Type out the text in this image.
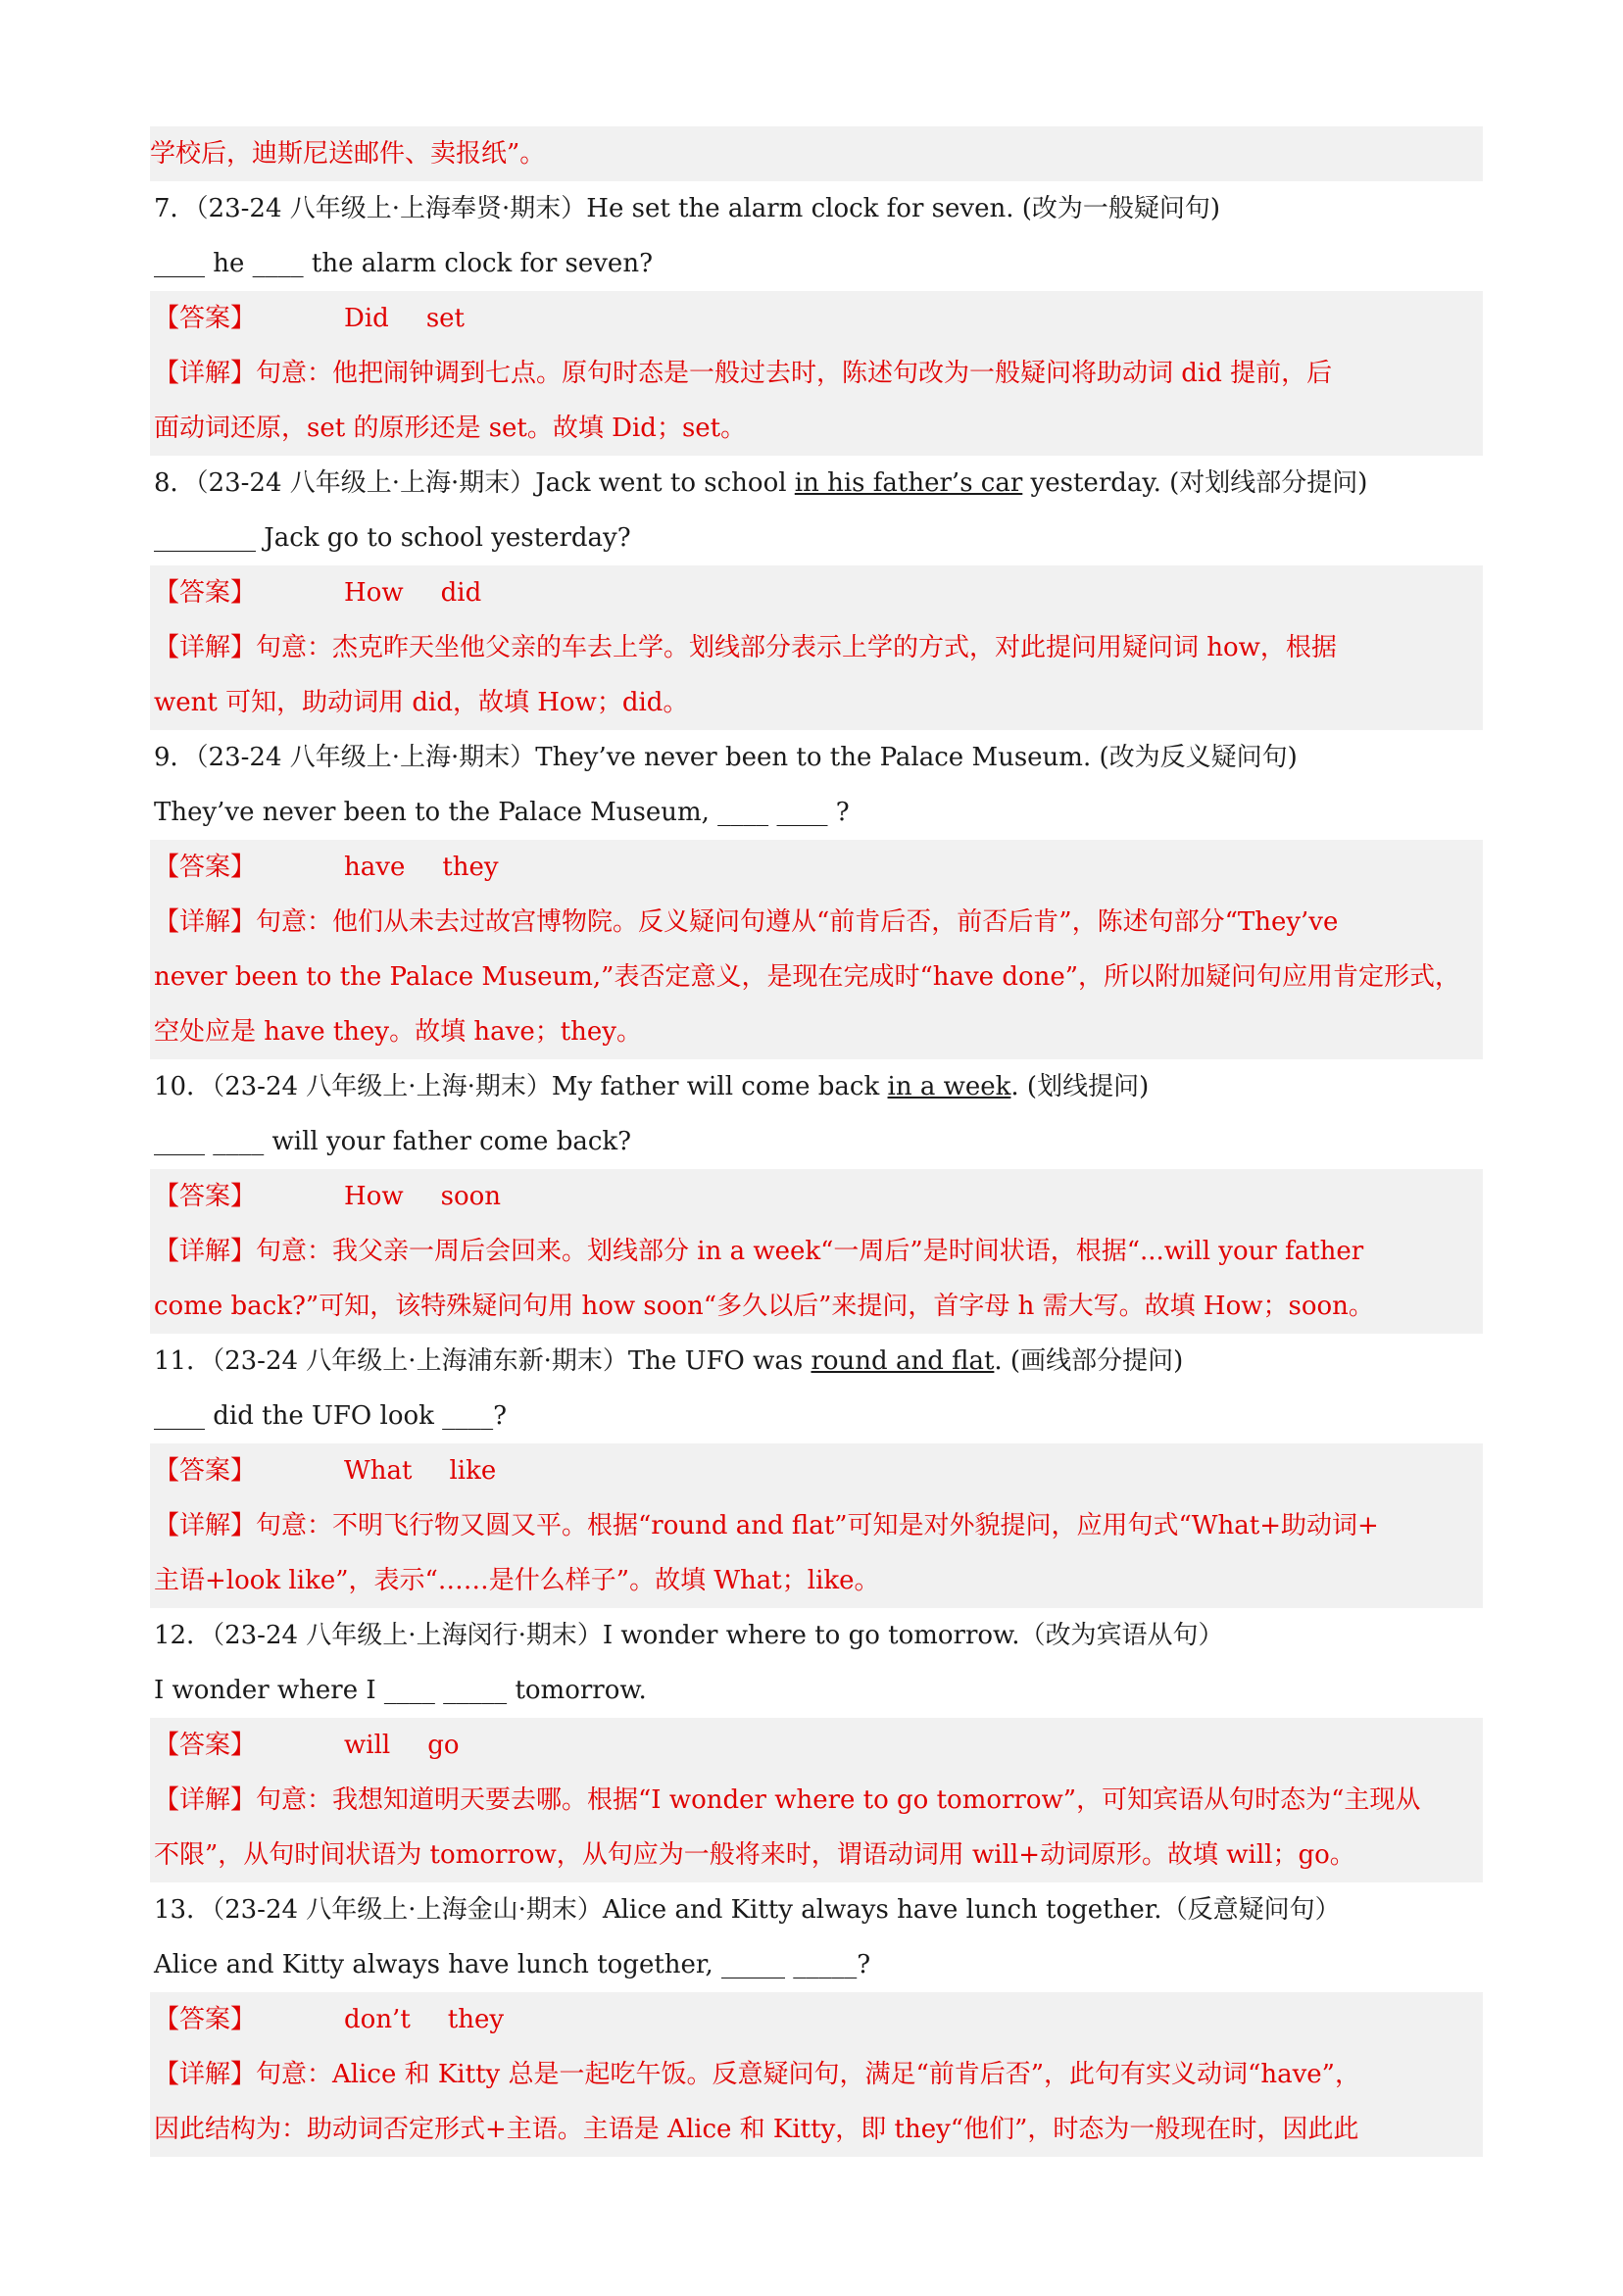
学校后，迪斯尼送邮件、卖报纸”。
7．（23-24 八年级上·上海奉贤·期末）He set the alarm clock for seven. (改为一般疑问句)
____ he ____ the alarm clock for seven?
【答案】	Did set
【详解】句意：他把闹钟调到七点。原句时态是一般过去时，陈述句改为一般疑问将助动词 did 提前，后
面动词还原，set 的原形还是 set。故填 Did；set。
8．（23-24 八年级上·上海·期末）Jack went to school in his father’s car yesterday. (对划线部分提问)
________ Jack go to school yesterday?
【答案】	How did
【详解】句意：杰克昨天坐他父亲的车去上学。划线部分表示上学的方式，对此提问用疑问词 how，根据
went 可知，助动词用 did，故填 How；did。
9．（23-24 八年级上·上海·期末）They’ve never been to the Palace Museum. (改为反义疑问句)
They’ve never been to the Palace Museum, ____ ____ ?
【答案】	have they
【详解】句意：他们从未去过故宫博物院。反义疑问句遵从“前肯后否，前否后肯”，陈述句部分“They’ve
never been to the Palace Museum,”表否定意义，是现在完成时“have done”，所以附加疑问句应用肯定形式，
空处应是 have they。故填 have；they。
10．（23-24 八年级上·上海·期末）My father will come back in a week. (划线提问)
____ ____ will your father come back?
【答案】	How soon
【详解】句意：我父亲一周后会回来。划线部分 in a week“一周后”是时间状语，根据“...will your father
come back?”可知，该特殊疑问句用 how soon“多久以后”来提问，首字母 h 需大写。故填 How；soon。
11．（23-24 八年级上·上海浦东新·期末）The UFO was round and flat. (画线部分提问)
____ did the UFO look ____?
【答案】	What like
【详解】句意：不明飞行物又圆又平。根据“round and flat”可知是对外貌提问，应用句式“What+助动词+
主语+look like”，表示“……是什么样子”。故填 What；like。
12．（23-24 八年级上·上海闵行·期末）I wonder where to go tomorrow.（改为宾语从句）
I wonder where I ____ _____ tomorrow.
【答案】	will go
【详解】句意：我想知道明天要去哪。根据“I wonder where to go tomorrow”，可知宾语从句时态为“主现从
不限”，从句时间状语为 tomorrow，从句应为一般将来时，谓语动词用 will+动词原形。故填 will；go。
13．（23-24 八年级上·上海金山·期末）Alice and Kitty always have lunch together.（反意疑问句）
Alice and Kitty always have lunch together, _____ _____?
【答案】	don’t they
【详解】句意：Alice 和 Kitty 总是一起吃午饭。反意疑问句，满足“前肯后否”，此句有实义动词“have”，
因此结构为：助动词否定形式+主语。主语是 Alice 和 Kitty，即 they“他们”，时态为一般现在时，因此此
